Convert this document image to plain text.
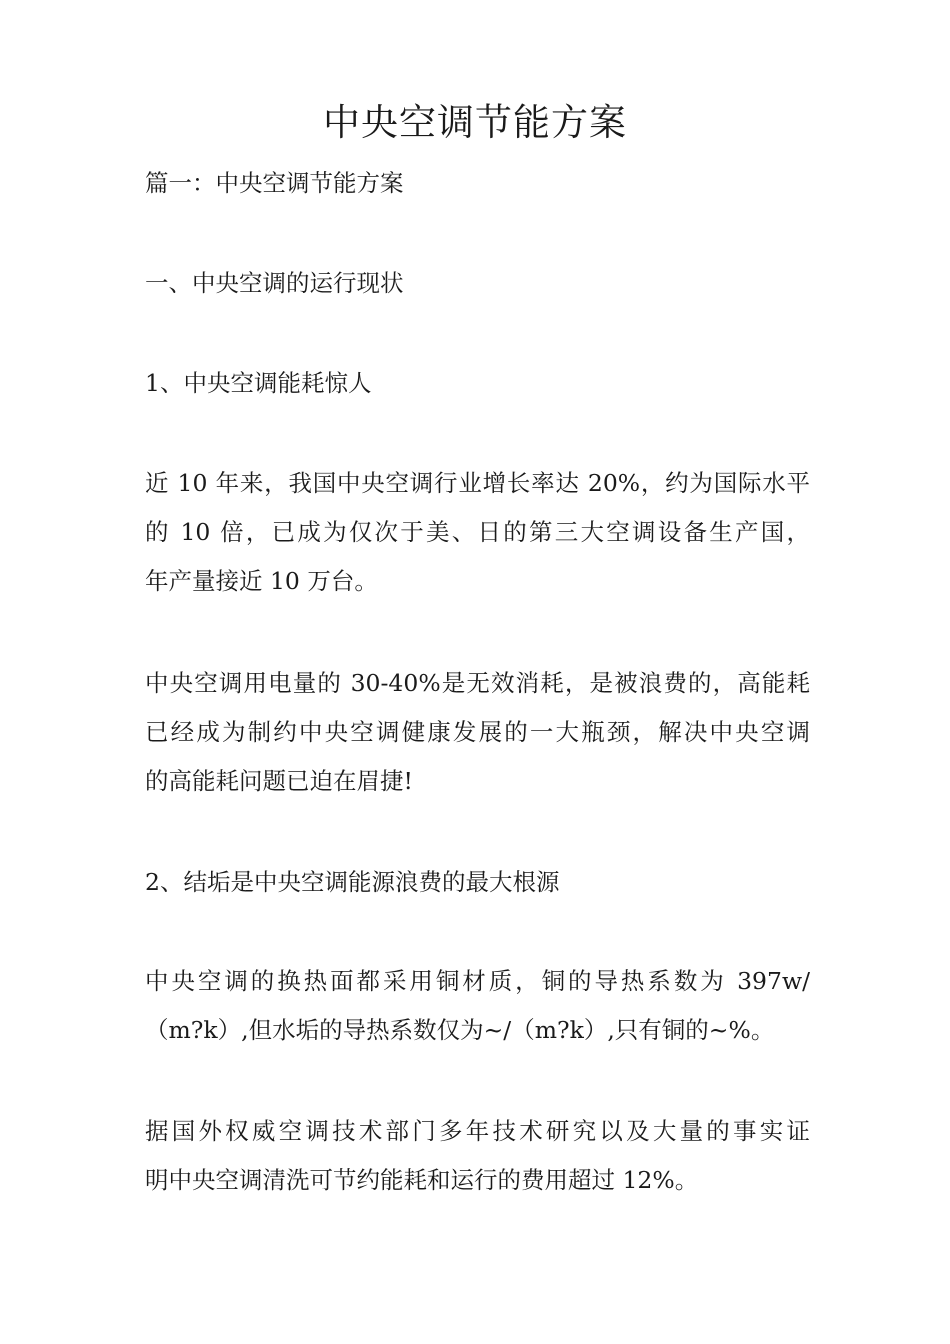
中央空调节能方案

篇一：中央空调节能方案

一、中央空调的运行现状

1、中央空调能耗惊人

近 10 年来，我国中央空调行业增长率达 20%，约为国际水平
的 10 倍，已成为仅次于美、日的第三大空调设备生产国，
年产量接近 10 万台。

中央空调用电量的 30-40%是无效消耗，是被浪费的，高能耗
已经成为制约中央空调健康发展的一大瓶颈，解决中央空调
的高能耗问题已迫在眉捷!

2、结垢是中央空调能源浪费的最大根源

中央空调的换热面都采用铜材质，铜的导热系数为 397w/
（m?k）,但水垢的导热系数仅为~/（m?k）,只有铜的~%。

据国外权威空调技术部门多年技术研究以及大量的事实证
明中央空调清洗可节约能耗和运行的费用超过 12%。
